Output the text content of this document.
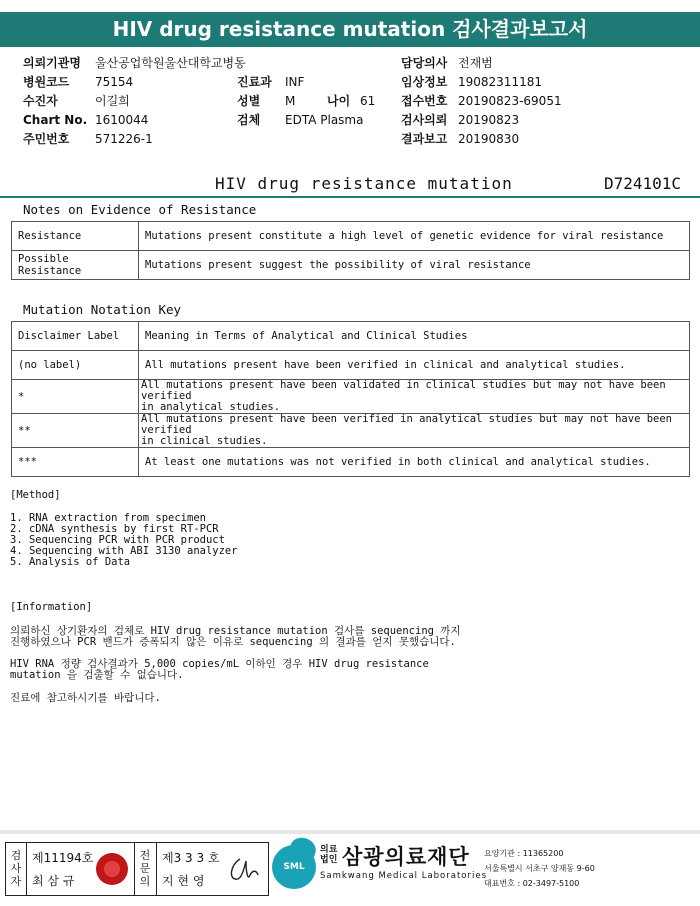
HIV drug resistance mutation 검사결과보고서
의뢰기관명 울산공업학원울산대학교병동
병원코드 75154
수진자	이길희
Chart No. 1610044
주민번호 571226-1
진료과 INF
성별 M	나이 61
검체 EDTA Plasma
담당의사 전재범
임상정보 19082311181
접수번호 20190823-69051
검사의뢰 20190823
결과보고 20190830
HIV drug resistance mutation	D724101C
Notes on Evidence of Resistance
Resistance	Mutations present constitute a high level of genetic evidence for viral resistance
Possible Resistance	Mutations present suggest the possibility of viral resistance
Mutation Notation Key
Disclaimer Label	Meaning in Terms of Analytical and Clinical Studies
(no label)	All mutations present have been verified in clinical and analytical studies.
*	All mutations present have been validated in clinical studies but may not have been verified
in analytical studies.
**	All mutations present have been verified in analytical studies but may not have been verified
in clinical studies.
***	At least one mutations was not verified in both clinical and analytical studies.
[Method]
1. RNA extraction from specimen
2. cDNA synthesis by first RT-PCR
3. Sequencing PCR with PCR product
4. Sequencing with ABI 3130 analyzer
5. Analysis of Data
[Information]
의뢰하신 상기환자의 검체로 HIV drug resistance mutation 검사를 sequencing 까지
진행하였으나 PCR 밴드가 증폭되지 않은 이유로 sequencing 의 결과를 얻지 못했습니다.
HIV RNA 정량 검사결과가 5,000 copies/mL 이하인 경우 HIV drug resistance
mutation 을 검출할 수 없습니다.
진료에 참고하시기를 바랍니다.
검사자
제11194호
최 삼 규
전문의
제3 3 3 호
지 현 영
SML
의료
법인 삼광의료재단
Samkwang Medical Laboratories
요양기관 : 11365200
서울특별시 서초구 양재동 9-60
대표번호 : 02-3497-5100
